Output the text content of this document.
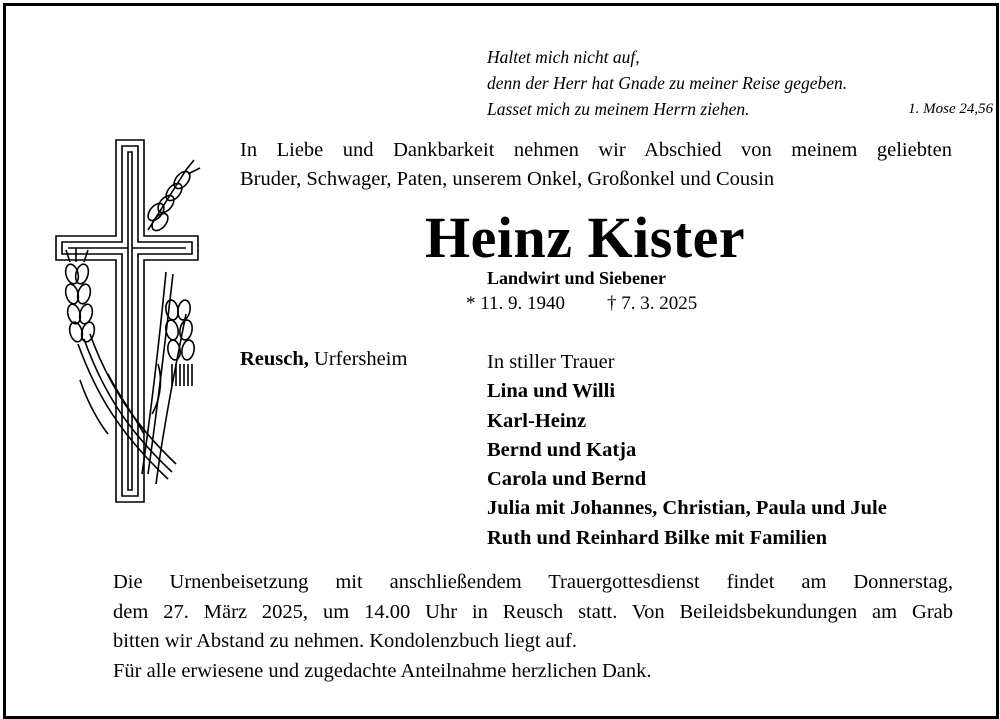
Haltet mich nicht auf,
denn der Herr hat Gnade zu meiner Reise gegeben.
Lasset mich zu meinem Herrn ziehen.	1. Mose 24,56
In Liebe und Dankbarkeit nehmen wir Abschied von meinem geliebten
Bruder, Schwager, Paten, unserem Onkel, Großonkel und Cousin
Heinz Kister
Landwirt und Siebener
* 11. 9. 1940 † 7. 3. 2025
Reusch, Urfersheim	In stiller Trauer
Lina und Willi
Karl-Heinz
Bernd und Katja
Carola und Bernd
Julia mit Johannes, Christian, Paula und Jule
Ruth und Reinhard Bilke mit Familien
Die Urnenbeisetzung mit anschließendem Trauergottesdienst findet am Donnerstag,
dem 27. März 2025, um 14.00 Uhr in Reusch statt. Von Beileidsbekundungen am Grab
bitten wir Abstand zu nehmen. Kondolenzbuch liegt auf.
Für alle erwiesene und zugedachte Anteilnahme herzlichen Dank.
